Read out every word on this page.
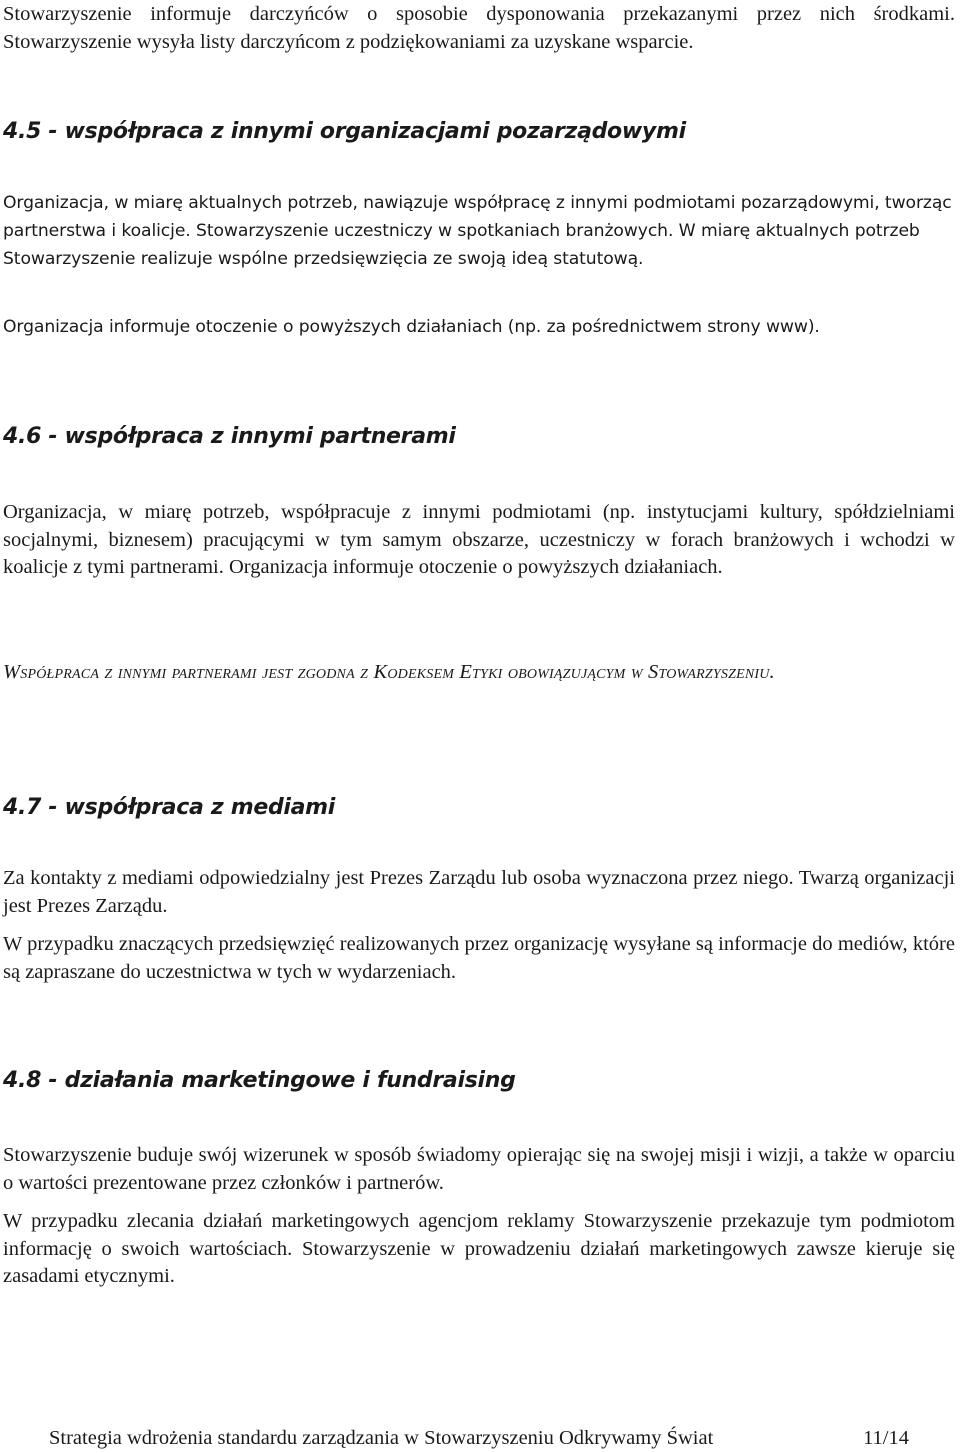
Stowarzyszenie informuje darczyńców o sposobie dysponowania przekazanymi przez nich środkami. Stowarzyszenie wysyła listy darczyńcom z podziękowaniami za uzyskane wsparcie.

4.5 - współpraca z innymi organizacjami pozarządowymi

Organizacja, w miarę aktualnych potrzeb, nawiązuje współpracę z innymi podmiotami pozarządowymi, tworząc partnerstwa i koalicje. Stowarzyszenie uczestniczy w spotkaniach branżowych. W miarę aktualnych potrzeb Stowarzyszenie realizuje wspólne przedsięwzięcia ze swoją ideą statutową.

Organizacja informuje otoczenie o powyższych działaniach (np. za pośrednictwem strony www).

4.6 - współpraca z innymi partnerami

Organizacja, w miarę potrzeb, współpracuje z innymi podmiotami (np. instytucjami kultury, spółdzielniami socjalnymi, biznesem) pracującymi w tym samym obszarze, uczestniczy w forach branżowych i wchodzi w koalicje z tymi partnerami. Organizacja informuje otoczenie o powyższych działaniach.

Współpraca z innymi partnerami jest zgodna z Kodeksem Etyki obowiązującym w Stowarzyszeniu.

4.7 - współpraca z mediami

Za kontakty z mediami odpowiedzialny jest Prezes Zarządu lub osoba wyznaczona przez niego. Twarzą organizacji jest Prezes Zarządu.

W przypadku znaczących przedsięwzięć realizowanych przez organizację wysyłane są informacje do mediów, które są zapraszane do uczestnictwa w tych w wydarzeniach.

4.8 - działania marketingowe i fundraising

Stowarzyszenie buduje swój wizerunek w sposób świadomy opierając się na swojej misji i wizji, a także w oparciu o wartości prezentowane przez członków i partnerów.

W przypadku zlecania działań marketingowych agencjom reklamy Stowarzyszenie przekazuje tym podmiotom informację o swoich wartościach. Stowarzyszenie w prowadzeniu działań marketingowych zawsze kieruje się zasadami etycznymi.

Strategia wdrożenia standardu zarządzania w Stowarzyszeniu Odkrywamy Świat	11/14
